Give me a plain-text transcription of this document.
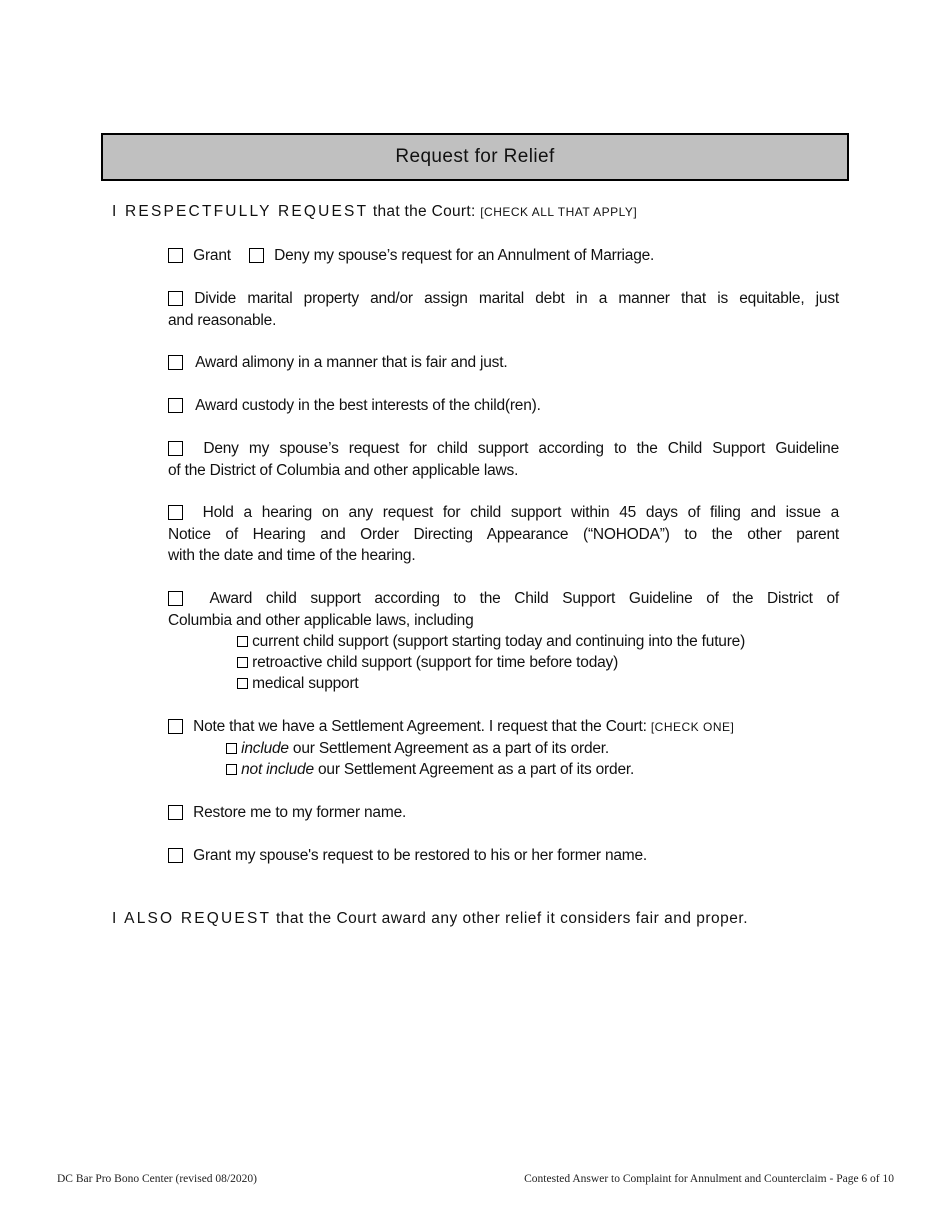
Request for Relief
I RESPECTFULLY REQUEST that the Court: [CHECK ALL THAT APPLY]
Grant	Deny my spouse’s request for an Annulment of Marriage.
Divide marital property and/or assign marital debt in a manner that is equitable, just
and reasonable.
Award alimony in a manner that is fair and just.
Award custody in the best interests of the child(ren).
Deny my spouse’s request for child support according to the Child Support Guideline
of the District of Columbia and other applicable laws.
Hold a hearing on any request for child support within 45 days of filing and issue a
Notice of Hearing and Order Directing Appearance (“NOHODA”) to the other parent
with the date and time of the hearing.
Award child support according to the Child Support Guideline of the District of
Columbia and other applicable laws, including
current child support (support starting today and continuing into the future)
retroactive child support (support for time before today)
medical support
Note that we have a Settlement Agreement. I request that the Court: [CHECK ONE]
include our Settlement Agreement as a part of its order.
not include our Settlement Agreement as a part of its order.
Restore me to my former name.
Grant my spouse's request to be restored to his or her former name.
I ALSO REQUEST that the Court award any other relief it considers fair and proper.
DC Bar Pro Bono Center (revised 08/2020)	Contested Answer to Complaint for Annulment and Counterclaim - Page 6 of 10
